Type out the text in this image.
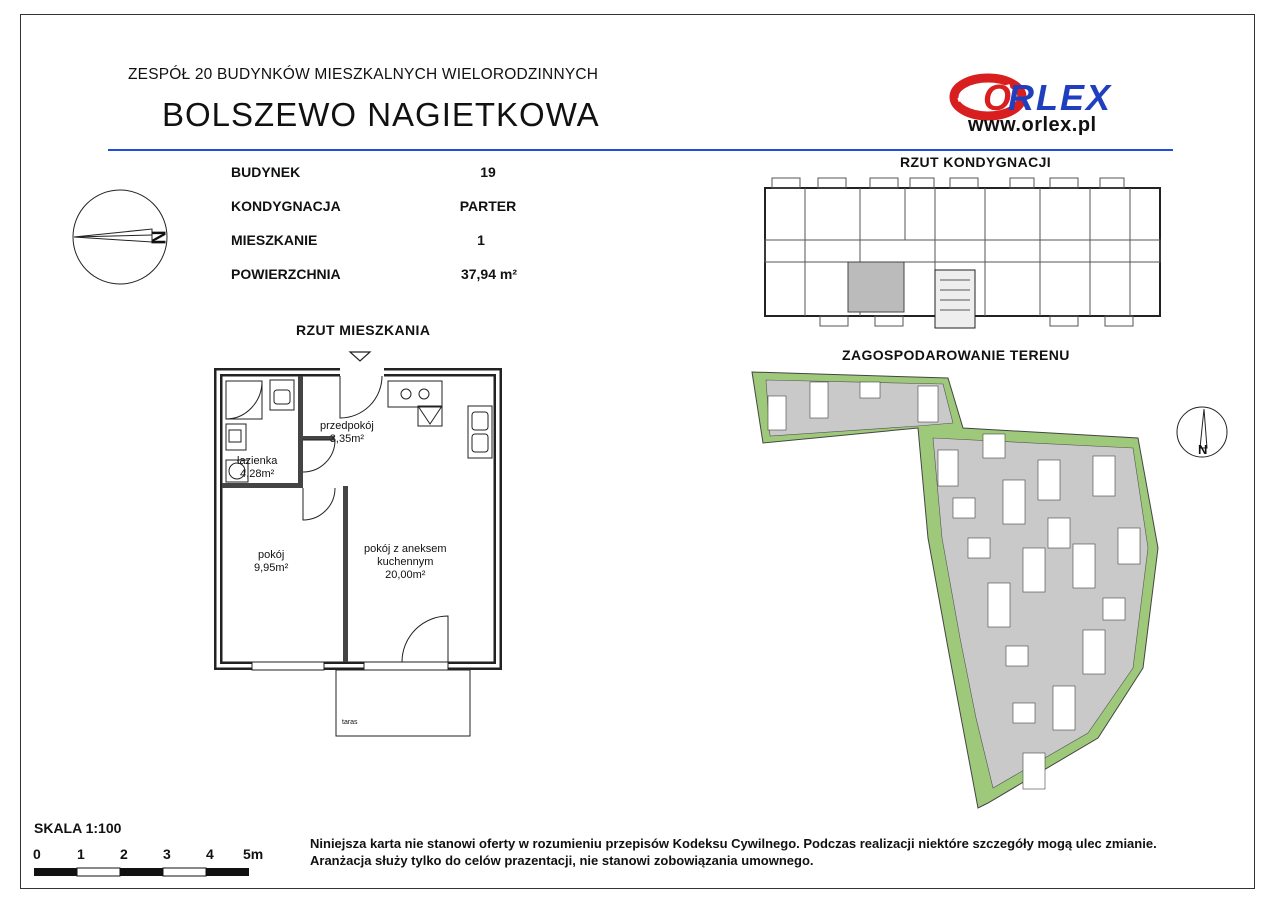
ZESPÓŁ 20 BUDYNKÓW MIESZKALNYCH WIELORODZINNYCH
BOLSZEWO NAGIETKOWA	RLEX
O
www.orlex.pl
BUDYNEK	19
KONDYGNACJA	PARTER
MIESZKANIE	1
POWIERZCHNIA	37,94 m²
N
RZUT MIESZKANIA
RZUT KONDYGNACJI
ZAGOSPODAROWANIE TERENU
przedpokój
3,35m²
łazienka
4,28m²
pokój
9,95m²
pokój z aneksem
kuchennym
20,00m²
taras
N
SKALA 1:100
0	1	2	3	4 5m
Niniejsza karta nie stanowi oferty w rozumieniu przepisów Kodeksu Cywilnego. Podczas realizacji niektóre szczegóły mogą ulec zmianie.
Aranżacja służy tylko do celów prazentacji, nie stanowi zobowiązania umownego.
